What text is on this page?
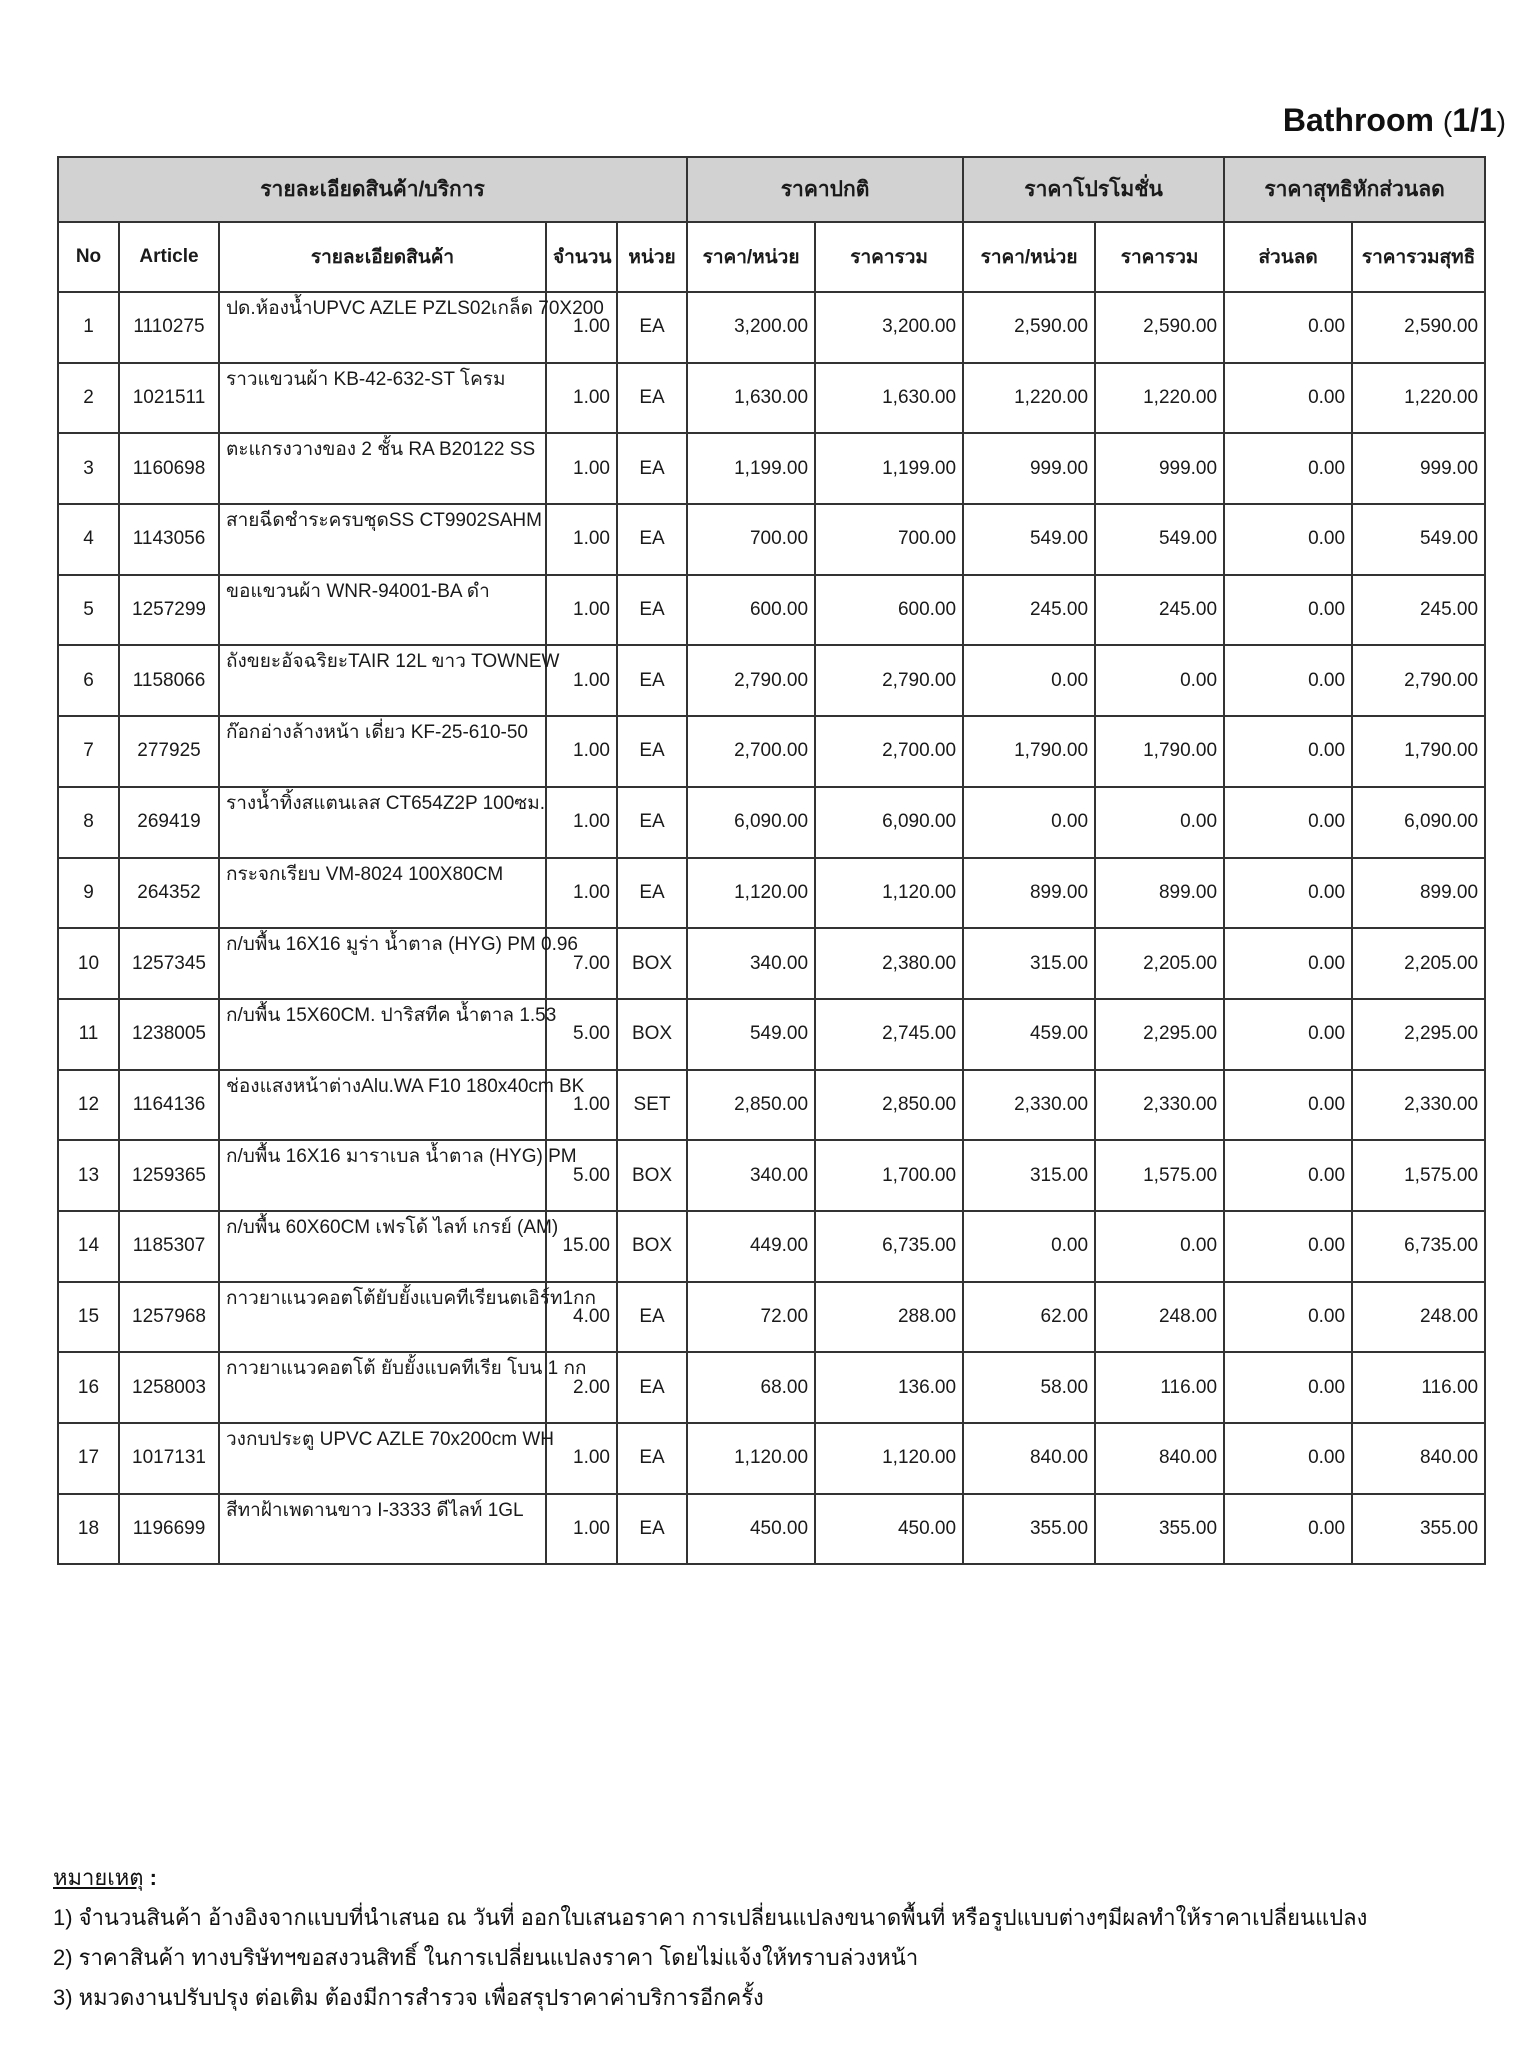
Bathroom (1/1)
รายละเอียดสินค้า/บริการ					ราคาปกติ		ราคาโปรโมชั่น		ราคาสุทธิหักส่วนลด	
No	Article	รายละเอียดสินค้า	จำนวน	หน่วย	ราคา/หน่วย	ราคารวม	ราคา/หน่วย	ราคารวม	ส่วนลด	ราคารวมสุทธิ
1	1110275	ปด.ห้องน้ำUPVC AZLE PZLS02เกล็ด 70X200	1.00	EA	3,200.00	3,200.00	2,590.00	2,590.00	0.00	2,590.00
2	1021511	ราวแขวนผ้า KB-42-632-ST โครม	1.00	EA	1,630.00	1,630.00	1,220.00	1,220.00	0.00	1,220.00
3	1160698	ตะแกรงวางของ 2 ชั้น RA B20122 SS	1.00	EA	1,199.00	1,199.00	999.00	999.00	0.00	999.00
4	1143056	สายฉีดชำระครบชุดSS CT9902SAHM	1.00	EA	700.00	700.00	549.00	549.00	0.00	549.00
5	1257299	ขอแขวนผ้า WNR-94001-BA ดำ	1.00	EA	600.00	600.00	245.00	245.00	0.00	245.00
6	1158066	ถังขยะอัจฉริยะTAIR 12L ขาว TOWNEW	1.00	EA	2,790.00	2,790.00	0.00	0.00	0.00	2,790.00
7	277925	ก๊อกอ่างล้างหน้า เดี่ยว KF-25-610-50	1.00	EA	2,700.00	2,700.00	1,790.00	1,790.00	0.00	1,790.00
8	269419	รางน้ำทิ้งสแตนเลส CT654Z2P 100ซม.	1.00	EA	6,090.00	6,090.00	0.00	0.00	0.00	6,090.00
9	264352	กระจกเรียบ VM-8024 100X80CM	1.00	EA	1,120.00	1,120.00	899.00	899.00	0.00	899.00
10	1257345	ก/บพื้น 16X16 มูร่า น้ำตาล (HYG) PM 0.96	7.00	BOX	340.00	2,380.00	315.00	2,205.00	0.00	2,205.00
11	1238005	ก/บพื้น 15X60CM. ปาริสทีค น้ำตาล 1.53	5.00	BOX	549.00	2,745.00	459.00	2,295.00	0.00	2,295.00
12	1164136	ช่องแสงหน้าต่างAlu.WA F10 180x40cm BK	1.00	SET	2,850.00	2,850.00	2,330.00	2,330.00	0.00	2,330.00
13	1259365	ก/บพื้น 16X16 มาราเบล น้ำตาล (HYG) PM	5.00	BOX	340.00	1,700.00	315.00	1,575.00	0.00	1,575.00
14	1185307	ก/บพื้น 60X60CM เฟรโด้ ไลท์ เกรย์ (AM)	15.00	BOX	449.00	6,735.00	0.00	0.00	0.00	6,735.00
15	1257968	กาวยาแนวคอตโต้ยับยั้งแบคทีเรียนตเอิร์ท1กก	4.00	EA	72.00	288.00	62.00	248.00	0.00	248.00
16	1258003	กาวยาแนวคอตโต้ ยับยั้งแบคทีเรีย โบน 1 กก	2.00	EA	68.00	136.00	58.00	116.00	0.00	116.00
17	1017131	วงกบประตู UPVC AZLE 70x200cm WH	1.00	EA	1,120.00	1,120.00	840.00	840.00	0.00	840.00
18	1196699	สีทาฝ้าเพดานขาว I-3333 ดีไลท์ 1GL	1.00	EA	450.00	450.00	355.00	355.00	0.00	355.00
หมายเหตุ :
1) จำนวนสินค้า อ้างอิงจากแบบที่นำเสนอ ณ วันที่ ออกใบเสนอราคา การเปลี่ยนแปลงขนาดพื้นที่ หรือรูปแบบต่างๆมีผลทำให้ราคาเปลี่ยนแปลง
2) ราคาสินค้า ทางบริษัทฯขอสงวนสิทธิ์ ในการเปลี่ยนแปลงราคา โดยไม่แจ้งให้ทราบล่วงหน้า
3) หมวดงานปรับปรุง ต่อเติม ต้องมีการสำรวจ เพื่อสรุปราคาค่าบริการอีกครั้ง
